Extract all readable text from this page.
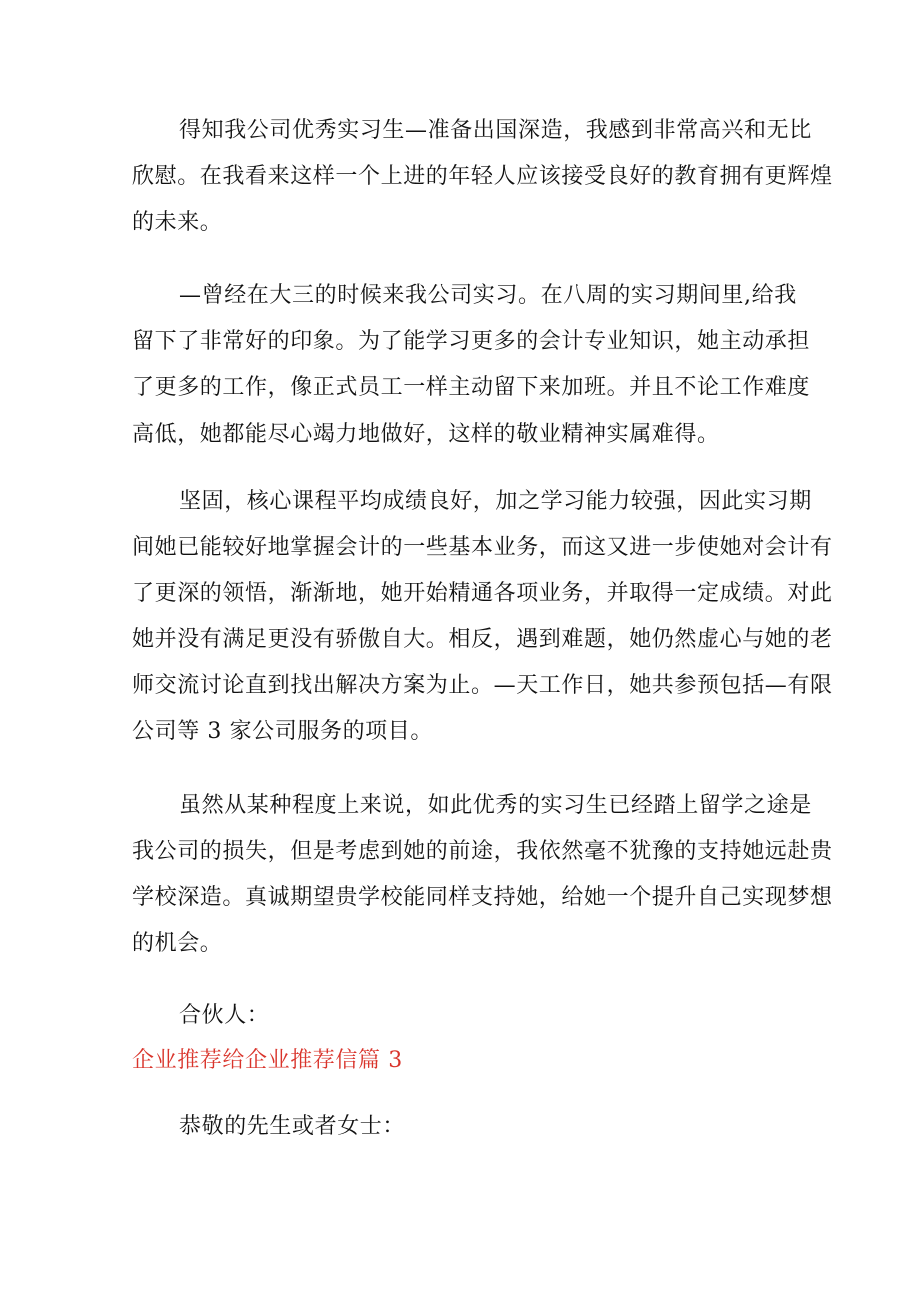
得知我公司优秀实习生—准备出国深造，我感到非常高兴和无比
欣慰。在我看来这样一个上进的年轻人应该接受良好的教育拥有更辉煌
的未来。
—曾经在大三的时候来我公司实习。在八周的实习期间里,给我
留下了非常好的印象。为了能学习更多的会计专业知识，她主动承担
了更多的工作，像正式员工一样主动留下来加班。并且不论工作难度
高低，她都能尽心竭力地做好，这样的敬业精神实属难得。
坚固，核心课程平均成绩良好，加之学习能力较强，因此实习期
间她已能较好地掌握会计的一些基本业务，而这又进一步使她对会计有
了更深的领悟，渐渐地，她开始精通各项业务，并取得一定成绩。对此
她并没有满足更没有骄傲自大。相反，遇到难题，她仍然虚心与她的老
师交流讨论直到找出解决方案为止。—天工作日，她共参预包括—有限
公司等 3 家公司服务的项目。
虽然从某种程度上来说，如此优秀的实习生已经踏上留学之途是
我公司的损失，但是考虑到她的前途，我依然毫不犹豫的支持她远赴贵
学校深造。真诚期望贵学校能同样支持她，给她一个提升自己实现梦想
的机会。
合伙人：
企业推荐给企业推荐信篇 3
恭敬的先生或者女士：
